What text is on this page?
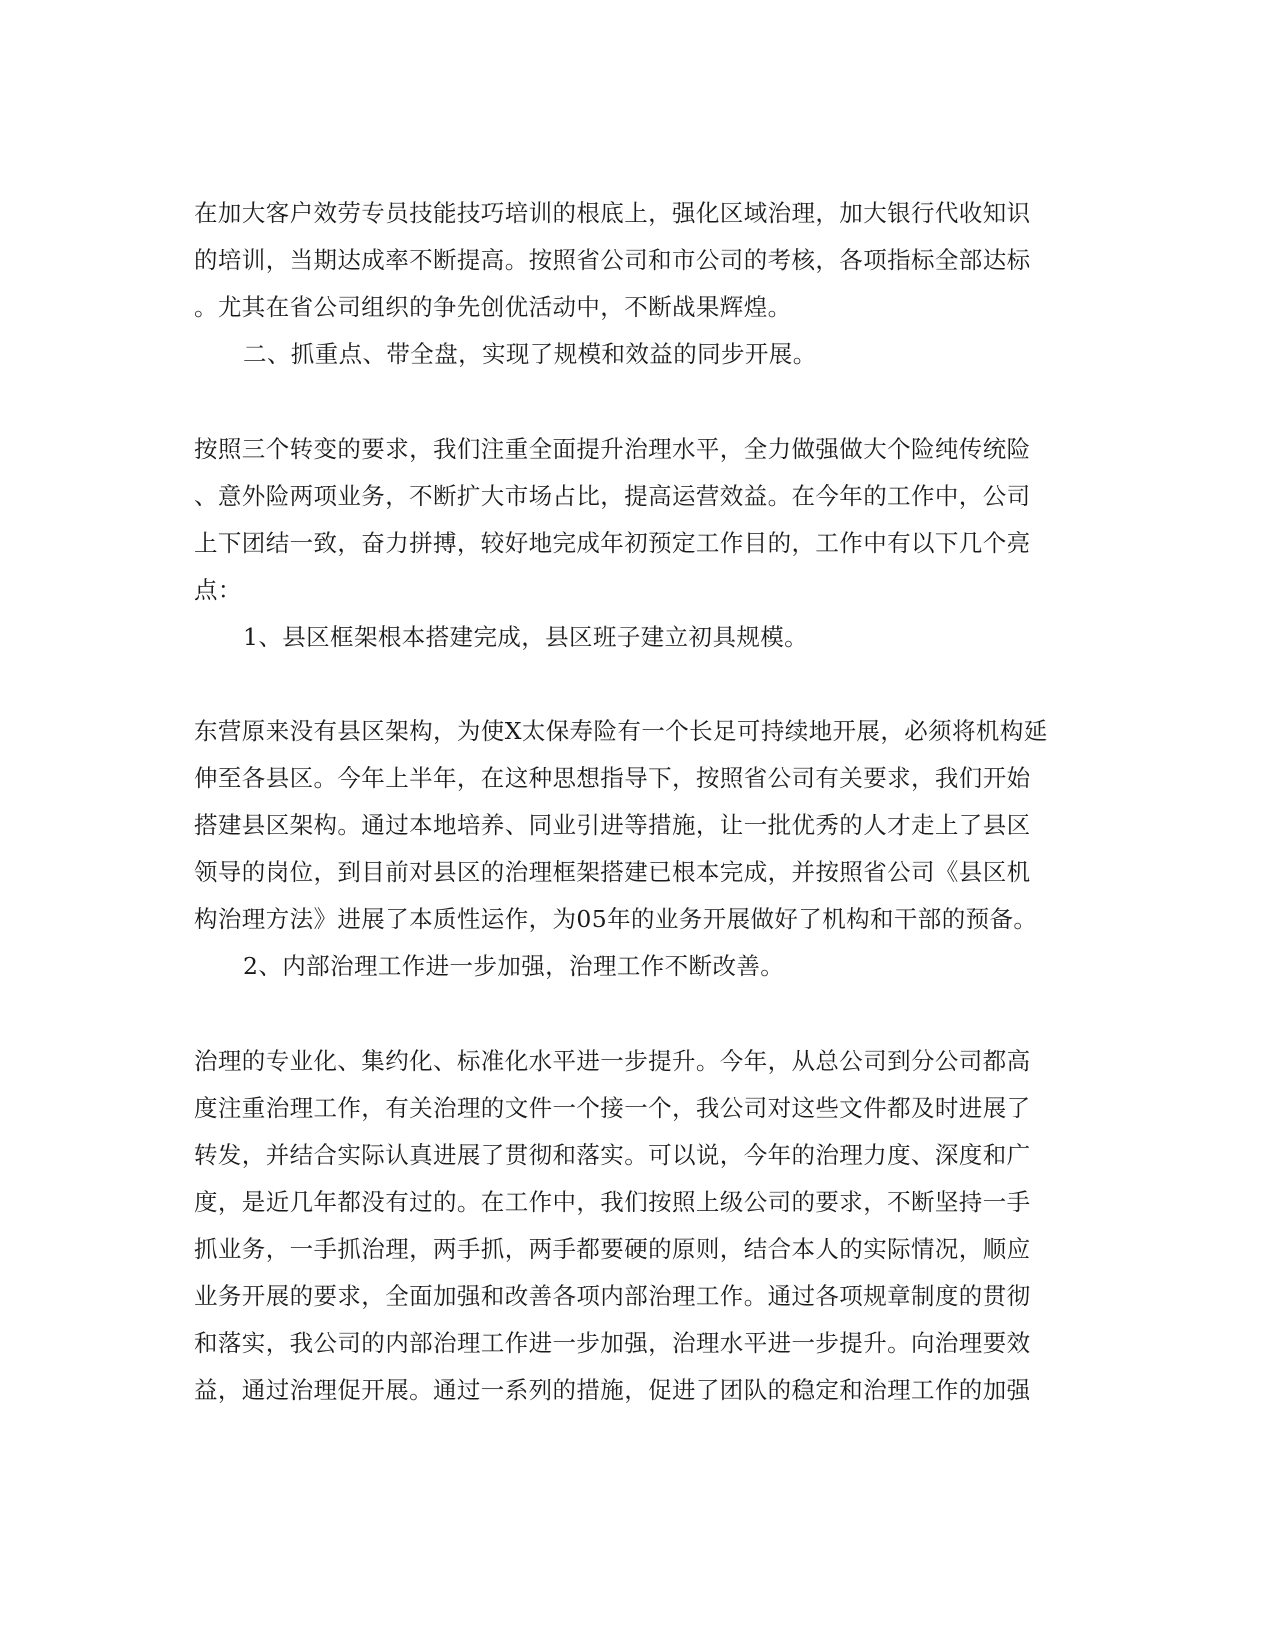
在加大客户效劳专员技能技巧培训的根底上，强化区域治理，加大银行代收知识
的培训，当期达成率不断提高。按照省公司和市公司的考核，各项指标全部达标
。尤其在省公司组织的争先创优活动中，不断战果辉煌。
二、抓重点、带全盘，实现了规模和效益的同步开展。
按照三个转变的要求，我们注重全面提升治理水平，全力做强做大个险纯传统险
、意外险两项业务，不断扩大市场占比，提高运营效益。在今年的工作中，公司
上下团结一致，奋力拼搏，较好地完成年初预定工作目的，工作中有以下几个亮
点：
1、县区框架根本搭建完成，县区班子建立初具规模。
东营原来没有县区架构，为使X太保寿险有一个长足可持续地开展，必须将机构延
伸至各县区。今年上半年，在这种思想指导下，按照省公司有关要求，我们开始
搭建县区架构。通过本地培养、同业引进等措施，让一批优秀的人才走上了县区
领导的岗位，到目前对县区的治理框架搭建已根本完成，并按照省公司《县区机
构治理方法》进展了本质性运作，为05年的业务开展做好了机构和干部的预备。
2、内部治理工作进一步加强，治理工作不断改善。
治理的专业化、集约化、标准化水平进一步提升。今年，从总公司到分公司都高
度注重治理工作，有关治理的文件一个接一个，我公司对这些文件都及时进展了
转发，并结合实际认真进展了贯彻和落实。可以说，今年的治理力度、深度和广
度，是近几年都没有过的。在工作中，我们按照上级公司的要求，不断坚持一手
抓业务，一手抓治理，两手抓，两手都要硬的原则，结合本人的实际情况，顺应
业务开展的要求，全面加强和改善各项内部治理工作。通过各项规章制度的贯彻
和落实，我公司的内部治理工作进一步加强，治理水平进一步提升。向治理要效
益，通过治理促开展。通过一系列的措施，促进了团队的稳定和治理工作的加强
